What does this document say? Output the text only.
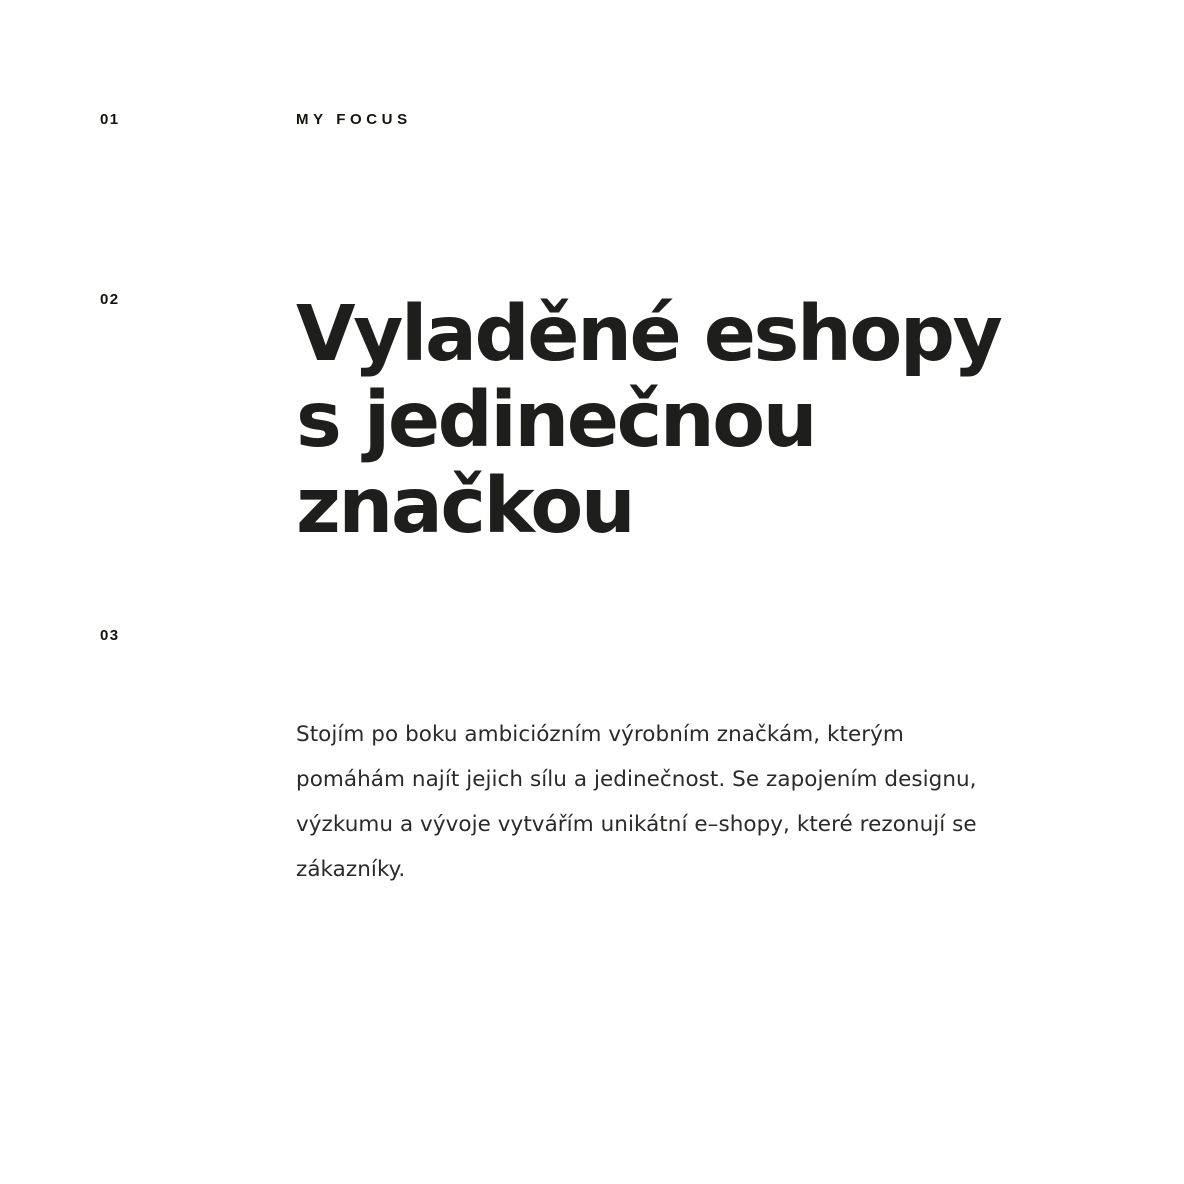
01	MY FOCUS
02	Vyladěné eshopy
s jedinečnou
značkou
03

Stojím po boku ambiciózním výrobním značkám, kterým pomáhám najít jejich sílu a jedinečnost. Se zapojením designu, výzkumu a vývoje vytvářím unikátní e–shopy, které rezonují se zákazníky.
